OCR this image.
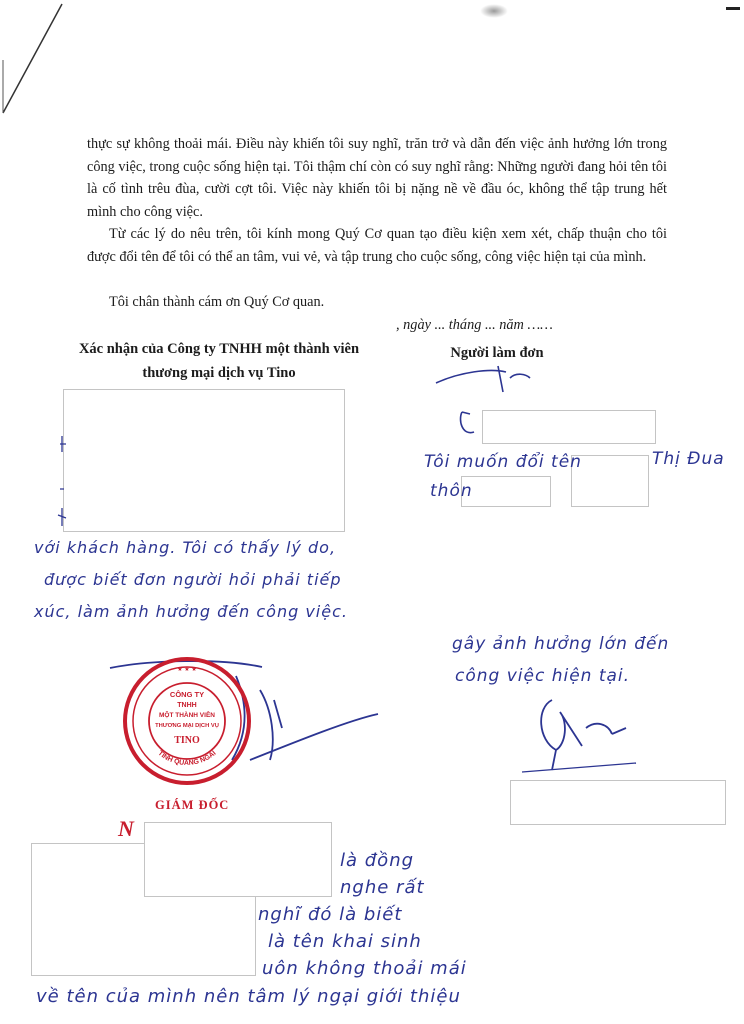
thực sự không thoải mái. Điều này khiến tôi suy nghĩ, trăn trở và dẫn đến việc ảnh hưởng lớn trong công việc, trong cuộc sống hiện tại. Tôi thậm chí còn có suy nghĩ rằng: Những người đang hỏi tên tôi là cố tình trêu đùa, cười cợt tôi. Việc này khiến tôi bị nặng nề về đầu óc, không thể tập trung hết mình cho công việc.

Từ các lý do nêu trên, tôi kính mong Quý Cơ quan tạo điều kiện xem xét, chấp thuận cho tôi được đổi tên để tôi có thể an tâm, vui vẻ, và tập trung cho cuộc sống, công việc hiện tại của mình.

Tôi chân thành cám ơn Quý Cơ quan.

, ngày ... tháng ... năm ……

Xác nhận của Công ty TNHH một thành viên thương mại dịch vụ Tino

Người làm đơn

với khách hàng. Tôi có thấy lý do,
được biết đơn người hỏi phải tiếp
xúc, làm ảnh hưởng đến công việc.
Tôi muốn đổi tên	Thị Đua
thôn
gây ảnh hưởng lớn đến
công việc hiện tại.
là đồng
nghe rất
nghĩ đó là biết
là tên khai sinh
uôn không thoải mái
về tên của mình nên tâm lý ngại giới thiệu
CÔNG TY
TNHH
MỘT THÀNH VIÊN
THƯƠNG MẠI DỊCH VỤ
TINO
TỈNH QUẢNG NGÃI
★ ★ ★
GIÁM ĐỐC
N
